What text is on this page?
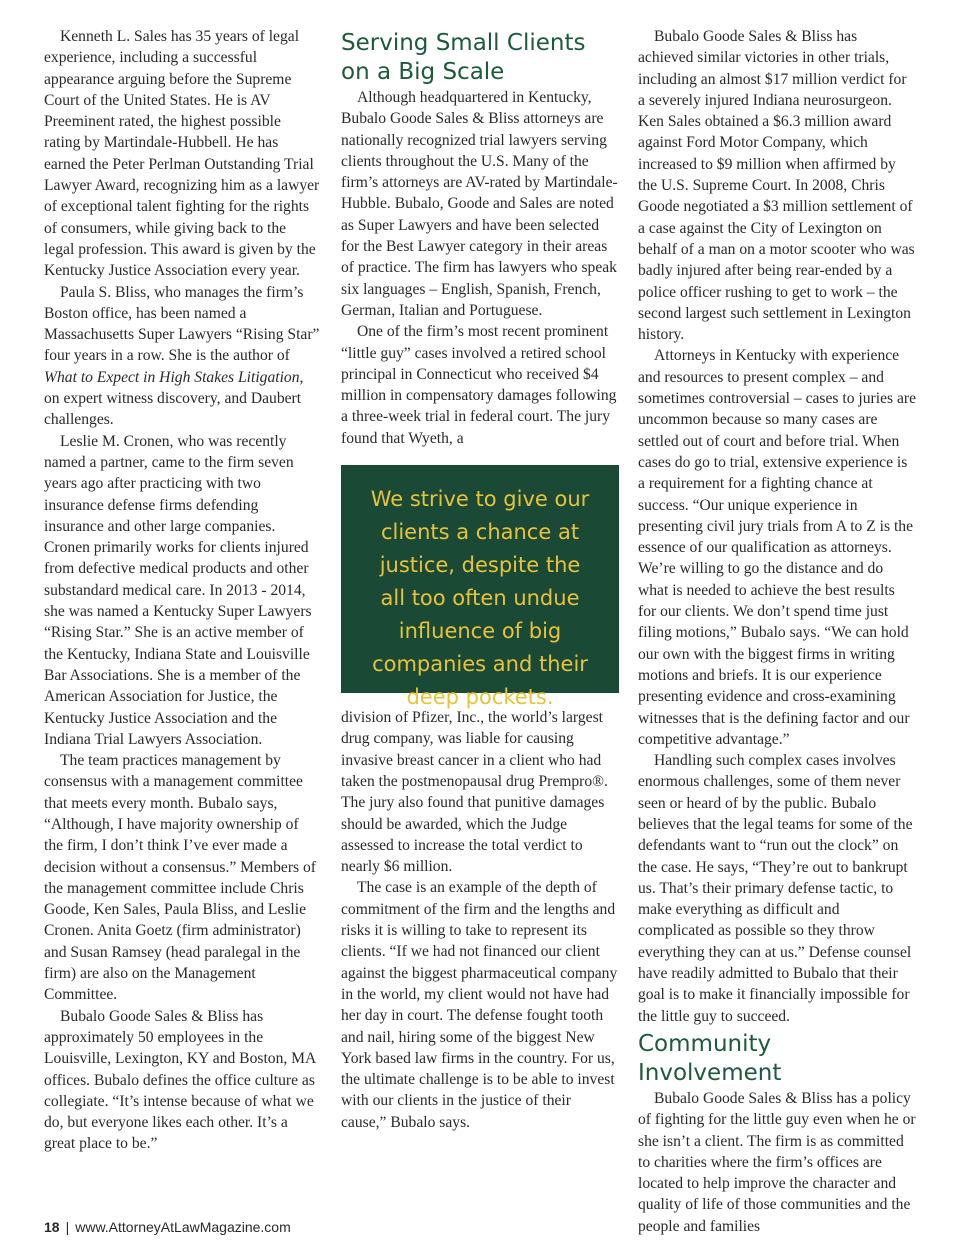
Kenneth L. Sales has 35 years of legal experience, including a successful appearance arguing before the Supreme Court of the United States. He is AV Preeminent rated, the highest possible rating by Martindale-Hubbell. He has earned the Peter Perlman Outstanding Trial Lawyer Award, recognizing him as a lawyer of exceptional talent fighting for the rights of consumers, while giving back to the legal profession. This award is given by the Kentucky Justice Association every year.

Paula S. Bliss, who manages the firm’s Boston office, has been named a Massachusetts Super Lawyers “Rising Star” four years in a row. She is the author of What to Expect in High Stakes Litigation, on expert witness discovery, and Daubert challenges.

Leslie M. Cronen, who was recently named a partner, came to the firm seven years ago after practicing with two insurance defense firms defending insurance and other large companies. Cronen primarily works for clients injured from defective medical products and other substandard medical care. In 2013 - 2014, she was named a Kentucky Super Lawyers “Rising Star.” She is an active member of the Kentucky, Indiana State and Louisville Bar Associations. She is a member of the American Association for Justice, the Kentucky Justice Association and the Indiana Trial Lawyers Association.

The team practices management by consensus with a management committee that meets every month. Bubalo says, “Although, I have majority ownership of the firm, I don’t think I’ve ever made a decision without a consensus.” Members of the management committee include Chris Goode, Ken Sales, Paula Bliss, and Leslie Cronen. Anita Goetz (firm administrator) and Susan Ramsey (head paralegal in the firm) are also on the Management Committee.

Bubalo Goode Sales & Bliss has approximately 50 employees in the Louisville, Lexington, KY and Boston, MA offices. Bubalo defines the office culture as collegiate. “It’s intense because of what we do, but everyone likes each other. It’s a great place to be.”

Serving Small Clients on a Big Scale

Although headquartered in Kentucky, Bubalo Goode Sales & Bliss attorneys are nationally recognized trial lawyers serving clients throughout the U.S. Many of the firm’s attorneys are AV-rated by Martindale-Hubble. Bubalo, Goode and Sales are noted as Super Lawyers and have been selected for the Best Lawyer category in their areas of practice. The firm has lawyers who speak six languages – English, Spanish, French, German, Italian and Portuguese.

One of the firm’s most recent prominent “little guy” cases involved a retired school principal in Connecticut who received $4 million in compensatory damages following a three-week trial in federal court. The jury found that Wyeth, a

We strive to give our
clients a chance at
justice, despite the
all too often undue
influence of big
companies and their
deep pockets.

division of Pfizer, Inc., the world’s largest drug company, was liable for causing invasive breast cancer in a client who had taken the postmenopausal drug Prempro®. The jury also found that punitive damages should be awarded, which the Judge assessed to increase the total verdict to nearly $6 million.

The case is an example of the depth of commitment of the firm and the lengths and risks it is willing to take to represent its clients. “If we had not financed our client against the biggest pharmaceutical company in the world, my client would not have had her day in court. The defense fought tooth and nail, hiring some of the biggest New York based law firms in the country. For us, the ultimate challenge is to be able to invest with our clients in the justice of their cause,” Bubalo says.

Bubalo Goode Sales & Bliss has achieved similar victories in other trials, including an almost $17 million verdict for a severely injured Indiana neurosurgeon. Ken Sales obtained a $6.3 million award against Ford Motor Company, which increased to $9 million when affirmed by the U.S. Supreme Court. In 2008, Chris Goode negotiated a $3 million settlement of a case against the City of Lexington on behalf of a man on a motor scooter who was badly injured after being rear-ended by a police officer rushing to get to work – the second largest such settlement in Lexington history.

Attorneys in Kentucky with experience and resources to present complex – and sometimes controversial – cases to juries are uncommon because so many cases are settled out of court and before trial. When cases do go to trial, extensive experience is a requirement for a fighting chance at success. “Our unique experience in presenting civil jury trials from A to Z is the essence of our qualification as attorneys. We’re willing to go the distance and do what is needed to achieve the best results for our clients. We don’t spend time just filing motions,” Bubalo says. “We can hold our own with the biggest firms in writing motions and briefs. It is our experience presenting evidence and cross-examining witnesses that is the defining factor and our competitive advantage.”

Handling such complex cases involves enormous challenges, some of them never seen or heard of by the public. Bubalo believes that the legal teams for some of the defendants want to “run out the clock” on the case. He says, “They’re out to bankrupt us. That’s their primary defense tactic, to make everything as difficult and complicated as possible so they throw everything they can at us.” Defense counsel have readily admitted to Bubalo that their goal is to make it financially impossible for the little guy to succeed.

Community Involvement

Bubalo Goode Sales & Bliss has a policy of fighting for the little guy even when he or she isn’t a client. The firm is as committed to charities where the firm’s offices are located to help improve the character and quality of life of those communities and the people and families

18 | www.AttorneyAtLawMagazine.com
